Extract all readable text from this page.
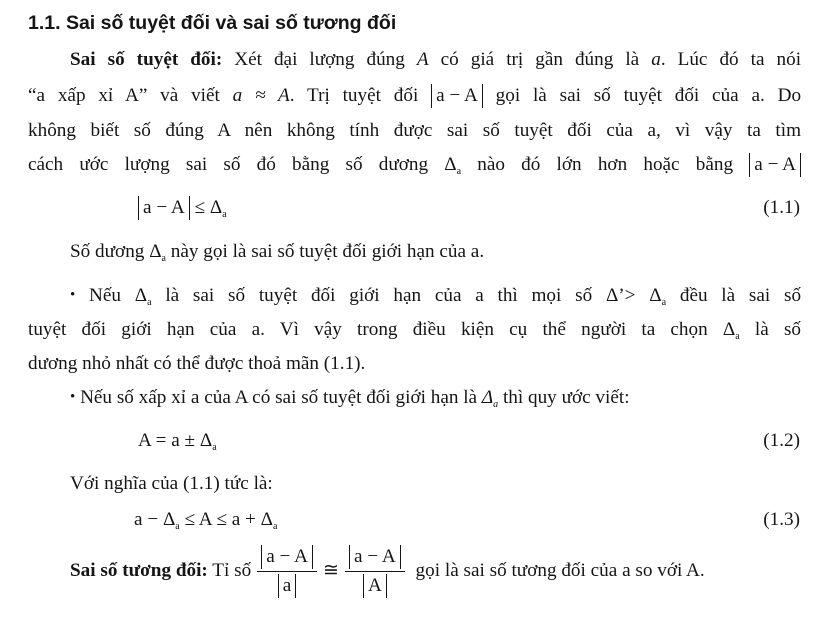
1.1. Sai số tuyệt đối và sai số tương đối
Sai số tuyệt đối: Xét đại lượng đúng A có giá trị gần đúng là a. Lúc đó ta nói
“a xấp xỉ A” và viết a ≈ A. Trị tuyệt đối a − A gọi là sai số tuyệt đối của a. Do
không biết số đúng A nên không tính được sai số tuyệt đối của a, vì vậy ta tìm
cách ước lượng sai số đó bằng số dương $\Delta_a$ nào đó lớn hơn hoặc bằng a − A
$a - A \le \Delta_a$	(1.1)
Số dương $\Delta_a$ này gọi là sai số tuyệt đối giới hạn của a.
• Nếu $\Delta_a$ là sai số tuyệt đối giới hạn của a thì mọi số Δ’> $\Delta_a$ đều là sai số
tuyệt đối giới hạn của a. Vì vậy trong điều kiện cụ thể người ta chọn $\Delta_a$ là số
dương nhỏ nhất có thể được thoả mãn (1.1).
• Nếu số xấp xỉ a của A có sai số tuyệt đối giới hạn là $\Delta_a$ thì quy ước viết:
$A = a \pm \Delta_a$	(1.2)
Với nghĩa của (1.1) tức là:
$a - \Delta_a \le A \le a + \Delta_a$	(1.3)
Sai số tương đối: Tỉ số $\frac{a - A}{a}$ ≅ $\frac{a - A}{A}$ gọi là sai số tương đối của a so với A.
